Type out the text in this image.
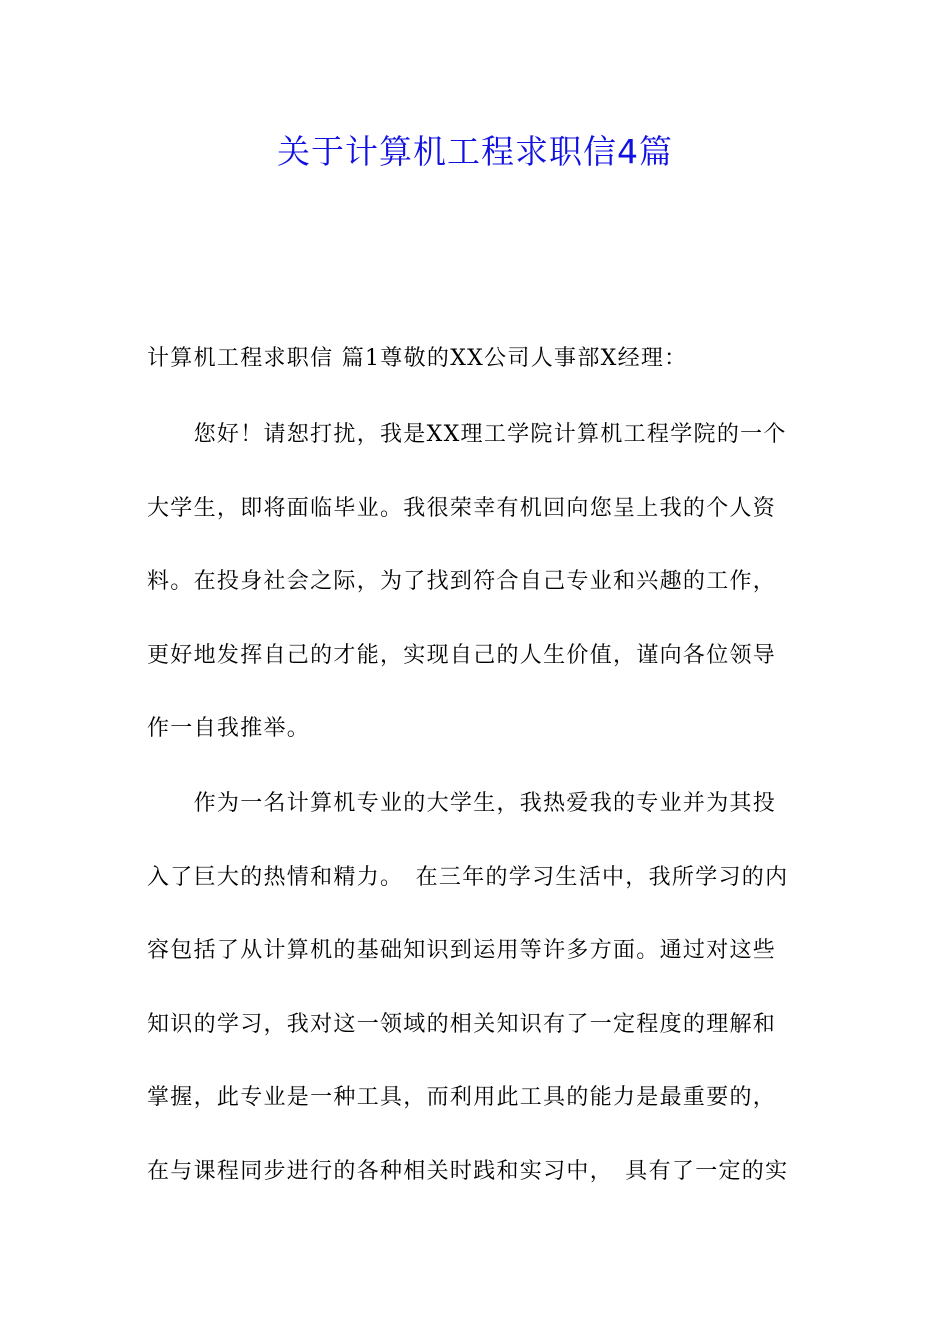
关于计算机工程求职信4篇
计算机工程求职信 篇1尊敬的XX公司人事部X经理：
　　您好！请恕打扰，我是XX理工学院计算机工程学院的一个
大学生，即将面临毕业。我很荣幸有机回向您呈上我的个人资
料。在投身社会之际，为了找到符合自己专业和兴趣的工作，
更好地发挥自己的才能，实现自己的人生价值，谨向各位领导
作一自我推举。
　　作为一名计算机专业的大学生，我热爱我的专业并为其投
入了巨大的热情和精力。　在三年的学习生活中，我所学习的内
容包括了从计算机的基础知识到运用等许多方面。通过对这些
知识的学习，我对这一领域的相关知识有了一定程度的理解和
掌握，此专业是一种工具，而利用此工具的能力是最重要的，
在与课程同步进行的各种相关时践和实习中，　具有了一定的实
